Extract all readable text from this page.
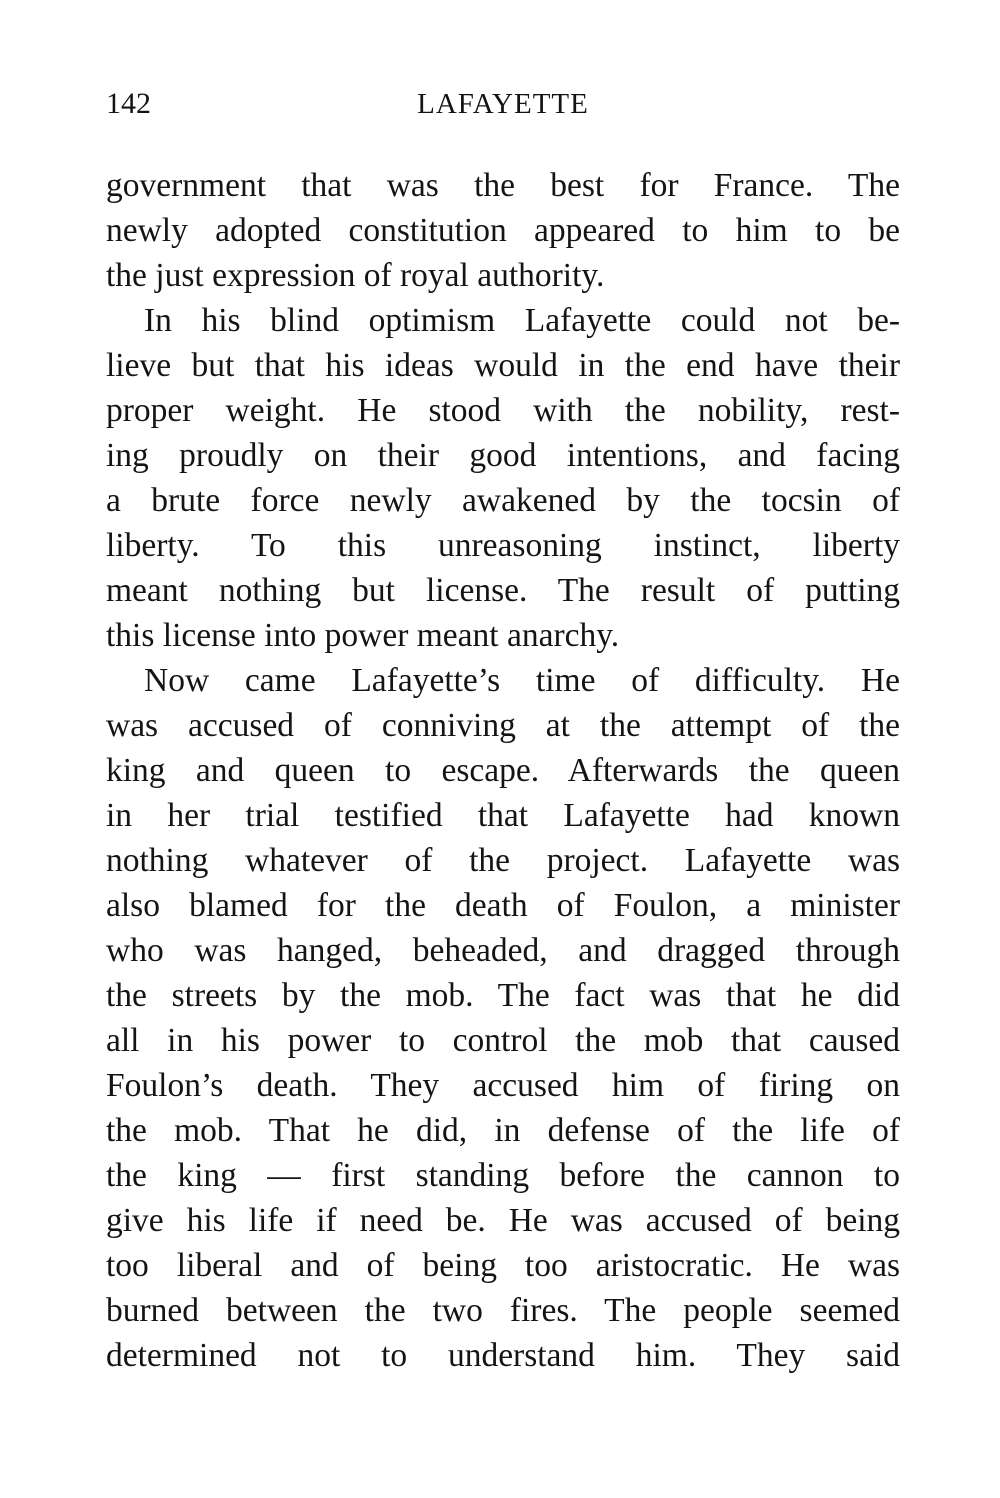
142	LAFAYETTE
government that was the best for France. The
newly adopted constitution appeared to him to be
the just expression of royal authority.
In his blind optimism Lafayette could not be-
lieve but that his ideas would in the end have their
proper weight. He stood with the nobility, rest-
ing proudly on their good intentions, and facing
a brute force newly awakened by the tocsin of
liberty. To this unreasoning instinct, liberty
meant nothing but license. The result of putting
this license into power meant anarchy.
Now came Lafayette’s time of difficulty. He
was accused of conniving at the attempt of the
king and queen to escape. Afterwards the queen
in her trial testified that Lafayette had known
nothing whatever of the project. Lafayette was
also blamed for the death of Foulon, a minister
who was hanged, beheaded, and dragged through
the streets by the mob. The fact was that he did
all in his power to control the mob that caused
Foulon’s death. They accused him of firing on
the mob. That he did, in defense of the life of
the king — first standing before the cannon to
give his life if need be. He was accused of being
too liberal and of being too aristocratic. He was
burned between the two fires. The people seemed
determined not to understand him. They said
